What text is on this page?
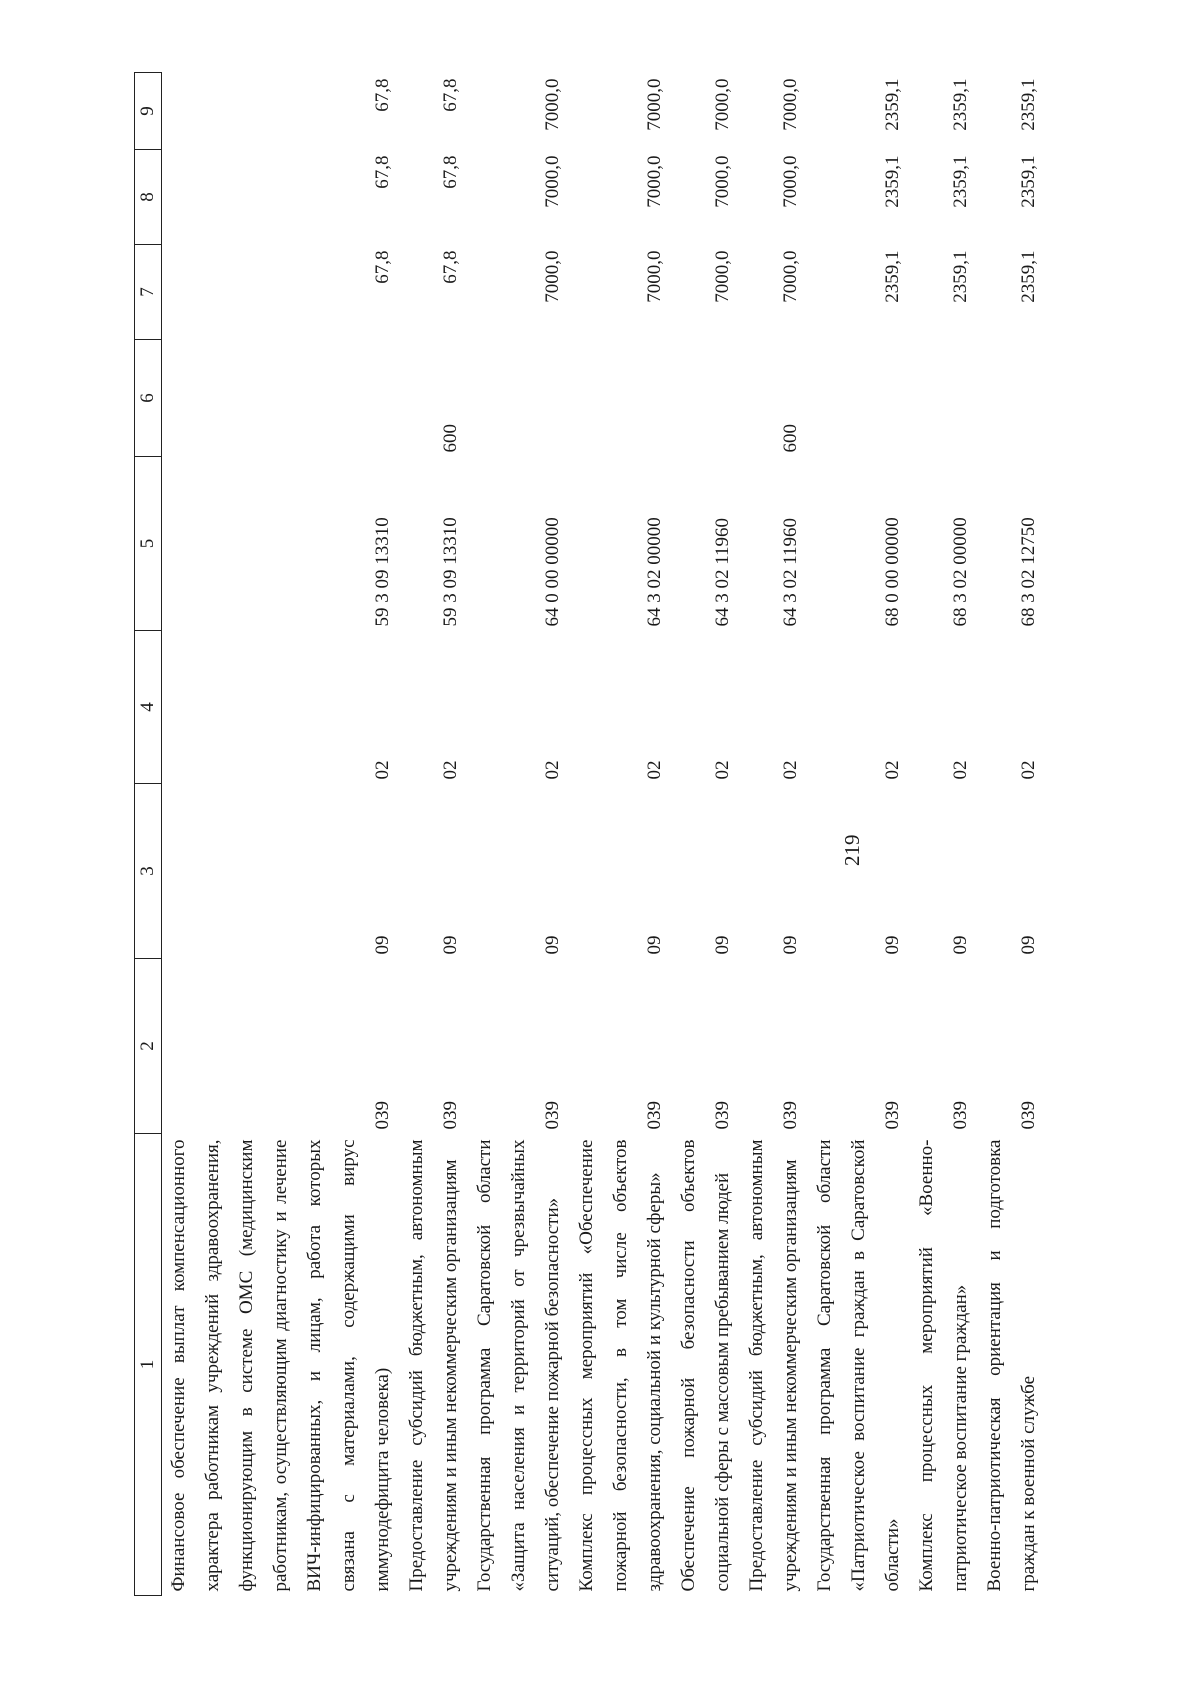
219
1	2	3	4	5	6	7	8	9
Финансовое обеспечение выплат компенсационного характера работникам учреждений здравоохранения, функционирующим в системе ОМС (медицинским работникам, осуществляющим диагностику и лечение ВИЧ-инфицированных, и лицам, работа которых связана с материалами, содержащими вирус иммунодефицита человека)	039	09	02	59 3 09 13310		67,8	67,8	67,8
Предоставление субсидий бюджетным, автономным учреждениям и иным некоммерческим организациям	039	09	02	59 3 09 13310	600	67,8	67,8	67,8
Государственная программа Саратовской области «Защита населения и территорий от чрезвычайных ситуаций, обеспечение пожарной безопасности»	039	09	02	64 0 00 00000		7000,0	7000,0	7000,0
Комплекс процессных мероприятий «Обеспечение пожарной безопасности, в том числе объектов здравоохранения, социальной и культурной сферы»	039	09	02	64 3 02 00000		7000,0	7000,0	7000,0
Обеспечение пожарной безопасности объектов социальной сферы с массовым пребыванием людей	039	09	02	64 3 02 11960		7000,0	7000,0	7000,0
Предоставление субсидий бюджетным, автономным учреждениям и иным некоммерческим организациям	039	09	02	64 3 02 11960	600	7000,0	7000,0	7000,0
Государственная программа Саратовской области «Патриотическое воспитание граждан в Саратовской области»	039	09	02	68 0 00 00000		2359,1	2359,1	2359,1
Комплекс процессных мероприятий «Военно-патриотическое воспитание граждан»	039	09	02	68 3 02 00000		2359,1	2359,1	2359,1
Военно-патриотическая ориентация и подготовка граждан к военной службе	039	09	02	68 3 02 12750		2359,1	2359,1	2359,1
